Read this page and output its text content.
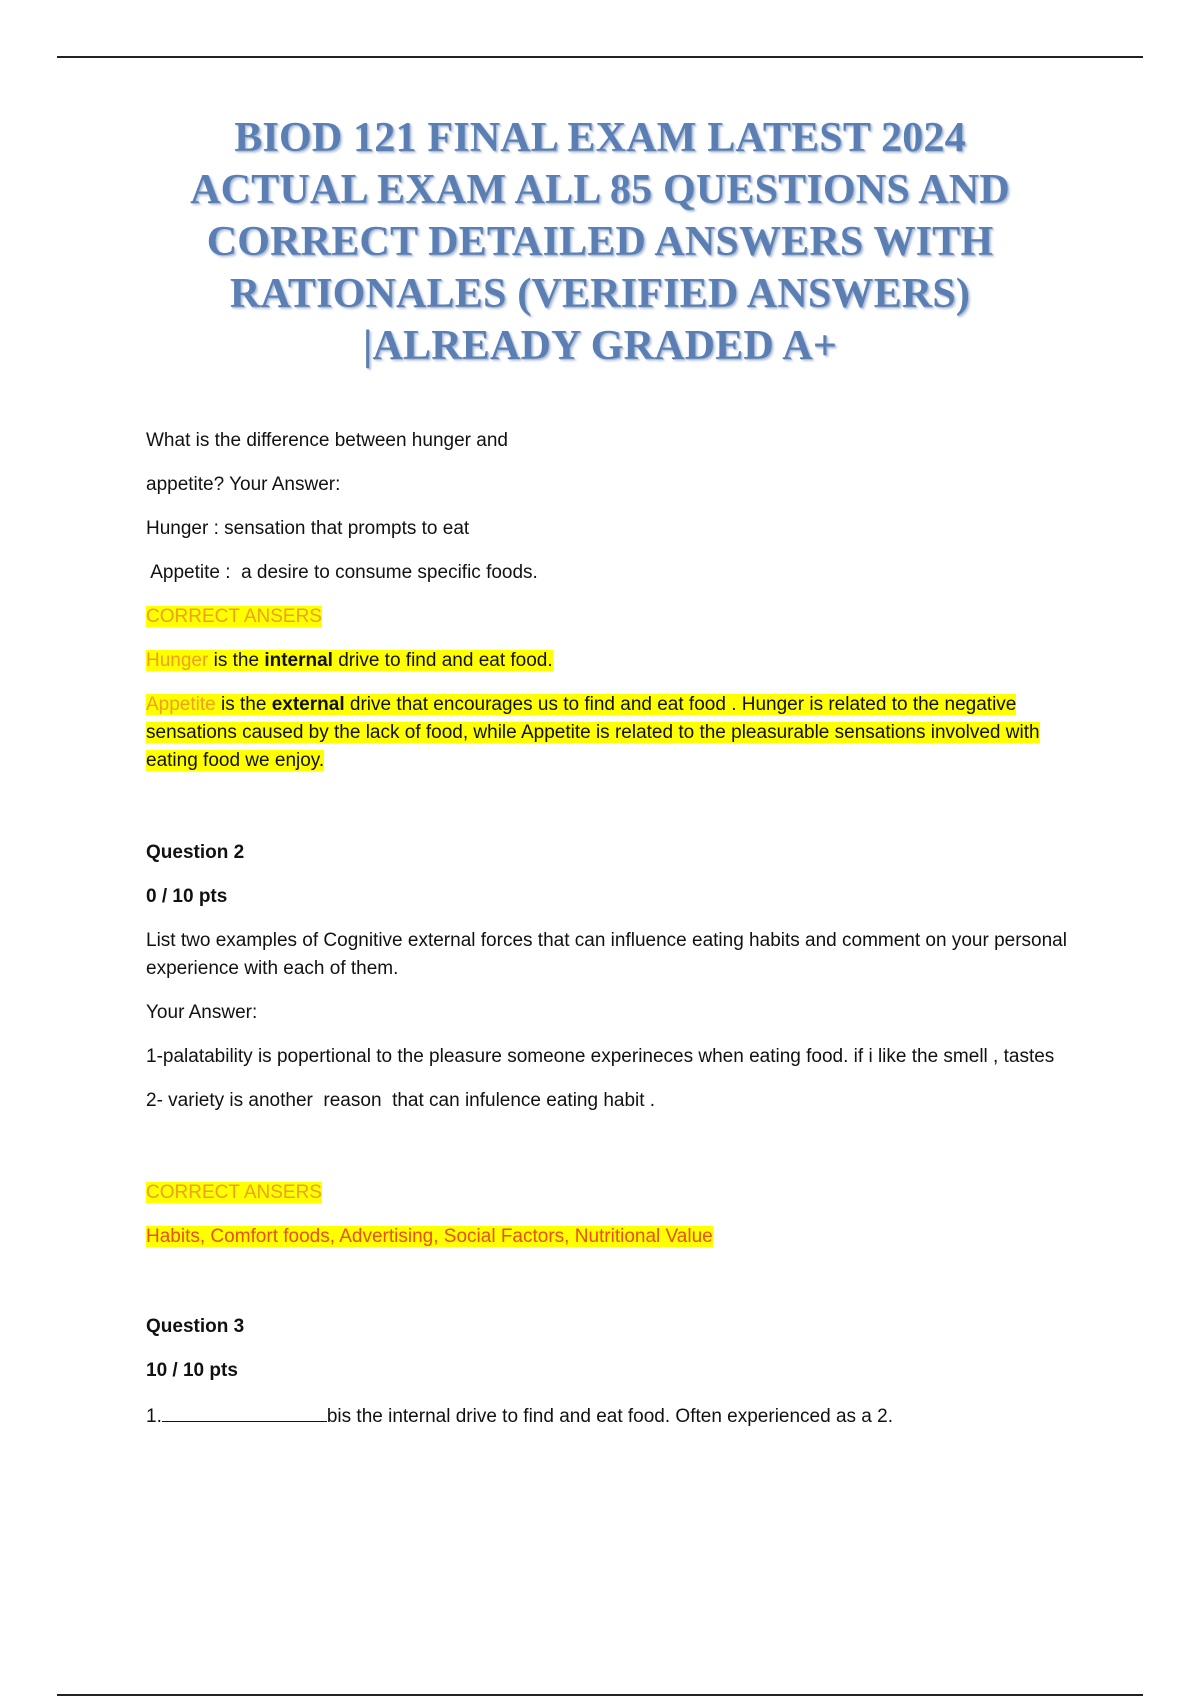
BIOD 121 FINAL EXAM LATEST 2024 ACTUAL EXAM ALL 85 QUESTIONS AND CORRECT DETAILED ANSWERS WITH RATIONALES (VERIFIED ANSWERS) |ALREADY GRADED A+

What is the difference between hunger and

appetite? Your Answer:

Hunger : sensation that prompts to eat

Appetite :  a desire to consume specific foods.

CORRECT ANSERS

Hunger is the internal drive to find and eat food.

Appetite is the external drive that encourages us to find and eat food . Hunger is related to the negative sensations caused by the lack of food, while Appetite is related to the pleasurable sensations involved with eating food we enjoy.

Question 2

0 / 10 pts

List two examples of Cognitive external forces that can influence eating habits and comment on your personal experience with each of them.

Your Answer:

1-palatability is popertional to the pleasure someone experineces when eating food. if i like the smell , tastes

2- variety is another  reason  that can infulence eating habit .

CORRECT ANSERS

Habits, Comfort foods, Advertising, Social Factors, Nutritional Value

Question 3

10 / 10 pts

1.	bis the internal drive to find and eat food. Often experienced as a 2.
